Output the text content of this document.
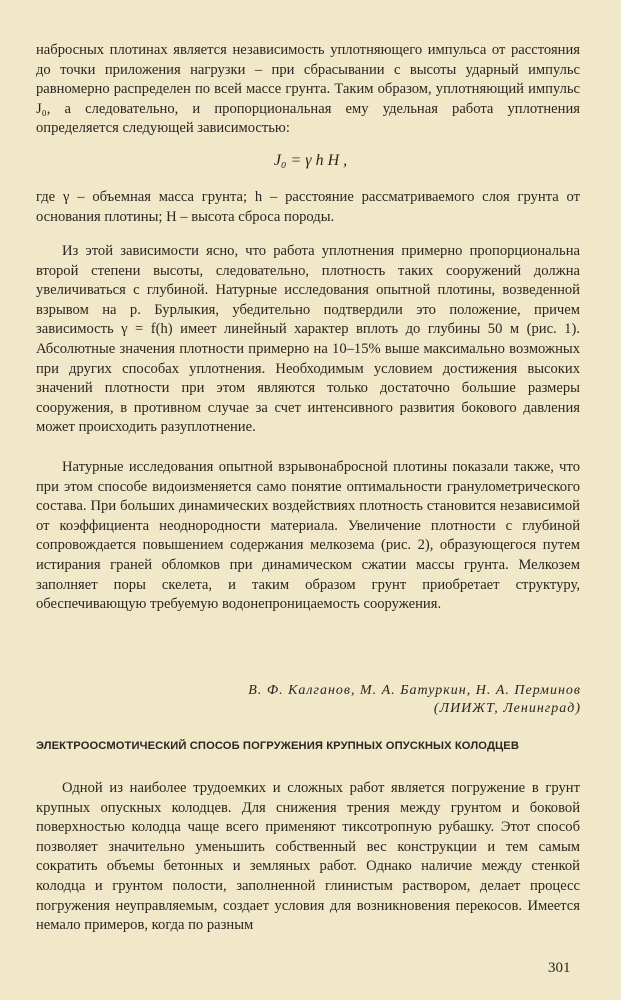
набросных плотинах является независимость уплотняющего импульса от расстояния до точки приложения нагрузки – при сбрасывании с высоты ударный импульс равномерно распределен по всей массе грунта. Таким образом, уплотняющий импульс J₀, а следовательно, и пропорциональная ему удельная работа уплотнения определяется следующей зависимостью:

J₀ = γ h H ,

где γ – объемная масса грунта; h – расстояние рассматриваемого слоя грунта от основания плотины; H – высота сброса породы.

Из этой зависимости ясно, что работа уплотнения примерно пропорциональна второй степени высоты, следовательно, плотность таких сооружений должна увеличиваться с глубиной. Натурные исследования опытной плотины, возведенной взрывом на р. Бурлыкия, убедительно подтвердили это положение, причем зависимость γ = f(h) имеет линейный характер вплоть до глубины 50 м (рис. 1). Абсолютные значения плотности примерно на 10–15% выше максимально возможных при других способах уплотнения. Необходимым условием достижения высоких значений плотности при этом являются только достаточно большие размеры сооружения, в противном случае за счет интенсивного развития бокового давления может происходить разуплотнение.

Натурные исследования опытной взрывонаброcной плотины показали также, что при этом способе видоизменяется само понятие оптимальности гранулометрического состава. При больших динамических воздействиях плотность становится независимой от коэффициента неоднородности материала. Увеличение плотности с глубиной сопровождается повышением содержания мелкозема (рис. 2), образующегося путем истирания граней обломков при динамическом сжатии массы грунта. Мелкозем заполняет поры скелета, и таким образом грунт приобретает структуру, обеспечивающую требуемую водонепроницаемость сооружения.

В. Ф. Калганов, М. А. Батуркин, Н. А. Перминов
(ЛИИЖТ, Ленинград)
ЭЛЕКТРООСМОТИЧЕСКИЙ СПОСОБ ПОГРУЖЕНИЯ КРУПНЫХ ОПУСКНЫХ КОЛОДЦЕВ

Одной из наиболее трудоемких и сложных работ является погружение в грунт крупных опускных колодцев. Для снижения трения между грунтом и боковой поверхностью колодца чаще всего применяют тиксотропную рубашку. Этот способ позволяет значительно уменьшить собственный вес конструкции и тем самым сократить объемы бетонных и земляных работ. Однако наличие между стенкой колодца и грунтом полости, заполненной глинистым раствором, делает процесс погружения неуправляемым, создает условия для возникновения перекосов. Имеется немало примеров, когда по разным

301
